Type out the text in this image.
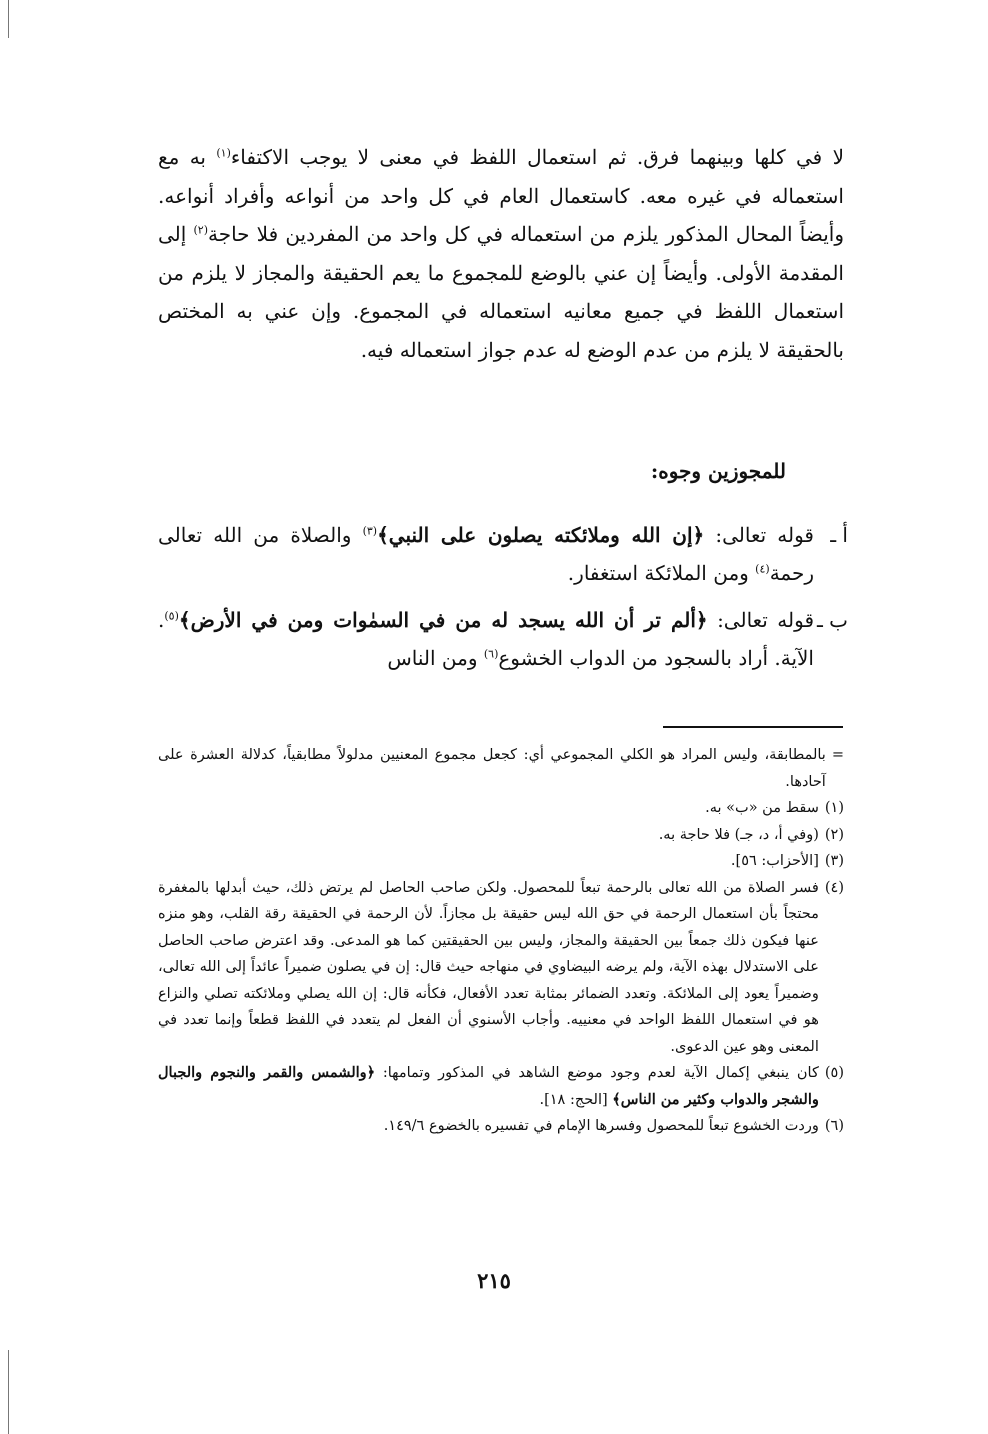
لا في كلها وبينهما فرق. ثم استعمال اللفظ في معنى لا يوجب الاكتفاء$^{(١)}$ به مع استعماله في غيره معه. كاستعمال العام في كل واحد من أنواعه وأفراد أنواعه. وأيضاً المحال المذكور يلزم من استعماله في كل واحد من المفردين فلا حاجة$^{(٢)}$ إلى المقدمة الأولى. وأيضاً إن عني بالوضع للمجموع ما يعم الحقيقة والمجاز لا يلزم من استعمال اللفظ في جميع معانيه استعماله في المجموع. وإن عني به المختص بالحقيقة لا يلزم من عدم الوضع له عدم جواز استعماله فيه.

للمجوزين وجوه:
أ ـ
قوله تعالى: ﴿إن الله وملائكته يصلون على النبي﴾$^{(٣)}$ والصلاة من الله تعالى رحمة$^{(٤)}$ ومن الملائكة استغفار.
ب ـ
قوله تعالى: ﴿ألم تر أن الله يسجد له من في السمٰوات ومن في الأرض﴾$^{(٥)}$. الآية. أراد بالسجود من الدواب الخشوع$^{(٦)}$ ومن الناس
=
بالمطابقة، وليس المراد هو الكلي المجموعي أي: كجعل مجموع المعنيين مدلولاً مطابقياً، كدلالة العشرة على آحادها.
(١)
سقط من «ب» به.
(٢)
(وفي أ، د، جـ) فلا حاجة به.
(٣)
[الأحزاب: ٥٦].
(٤)
فسر الصلاة من الله تعالى بالرحمة تبعاً للمحصول. ولكن صاحب الحاصل لم يرتض ذلك، حيث أبدلها بالمغفرة محتجاً بأن استعمال الرحمة في حق الله ليس حقيقة بل مجازاً. لأن الرحمة في الحقيقة رقة القلب، وهو منزه عنها فيكون ذلك جمعاً بين الحقيقة والمجاز، وليس بين الحقيقتين كما هو المدعى. وقد اعترض صاحب الحاصل على الاستدلال بهذه الآية، ولم يرضه البيضاوي في منهاجه حيث قال: إن في يصلون ضميراً عائداً إلى الله تعالى، وضميراً يعود إلى الملائكة. وتعدد الضمائر بمثابة تعدد الأفعال، فكأنه قال: إن الله يصلي وملائكته تصلي والنزاع هو في استعمال اللفظ الواحد في معنييه. وأجاب الأسنوي أن الفعل لم يتعدد في اللفظ قطعاً وإنما تعدد في المعنى وهو عين الدعوى.
(٥)
كان ينبغي إكمال الآية لعدم وجود موضع الشاهد في المذكور وتمامها: ﴿والشمس والقمر والنجوم والجبال والشجر والدواب وكثير من الناس﴾ [الحج: ١٨].
(٦)
وردت الخشوع تبعاً للمحصول وفسرها الإمام في تفسيره بالخضوع ١٤٩/٦.
٢١٥
